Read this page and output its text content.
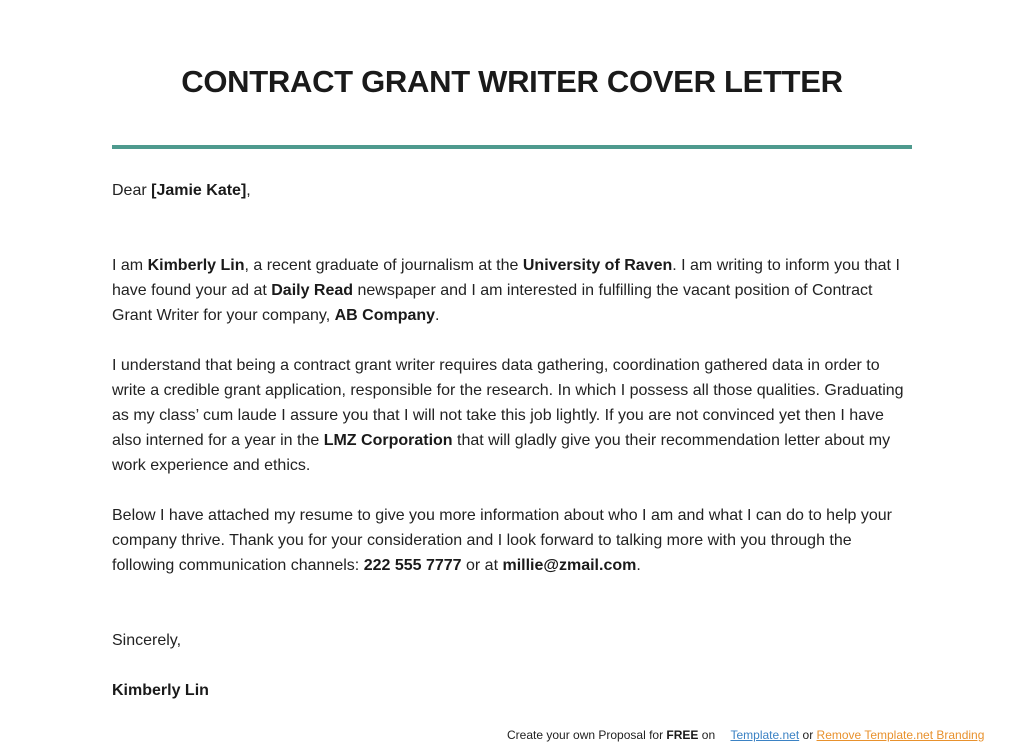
CONTRACT GRANT WRITER COVER LETTER

Dear [Jamie Kate],

I am Kimberly Lin, a recent graduate of journalism at the University of Raven. I am writing to inform you that I have found your ad at Daily Read newspaper and I am interested in fulfilling the vacant position of Contract Grant Writer for your company, AB Company.

I understand that being a contract grant writer requires data gathering, coordination gathered data in order to write a credible grant application, responsible for the research. In which I possess all those qualities. Graduating as my class’ cum laude I assure you that I will not take this job lightly. If you are not convinced yet then I have also interned for a year in the LMZ Corporation that will gladly give you their recommendation letter about my work experience and ethics.

Below I have attached my resume to give you more information about who I am and what I can do to help your company thrive. Thank you for your consideration and I look forward to talking more with you through the following communication channels: 222 555 7777 or at millie@zmail.com.

Sincerely,

Kimberly Lin

Create your own Proposal for FREE on Template.net or Remove Template.net Branding
